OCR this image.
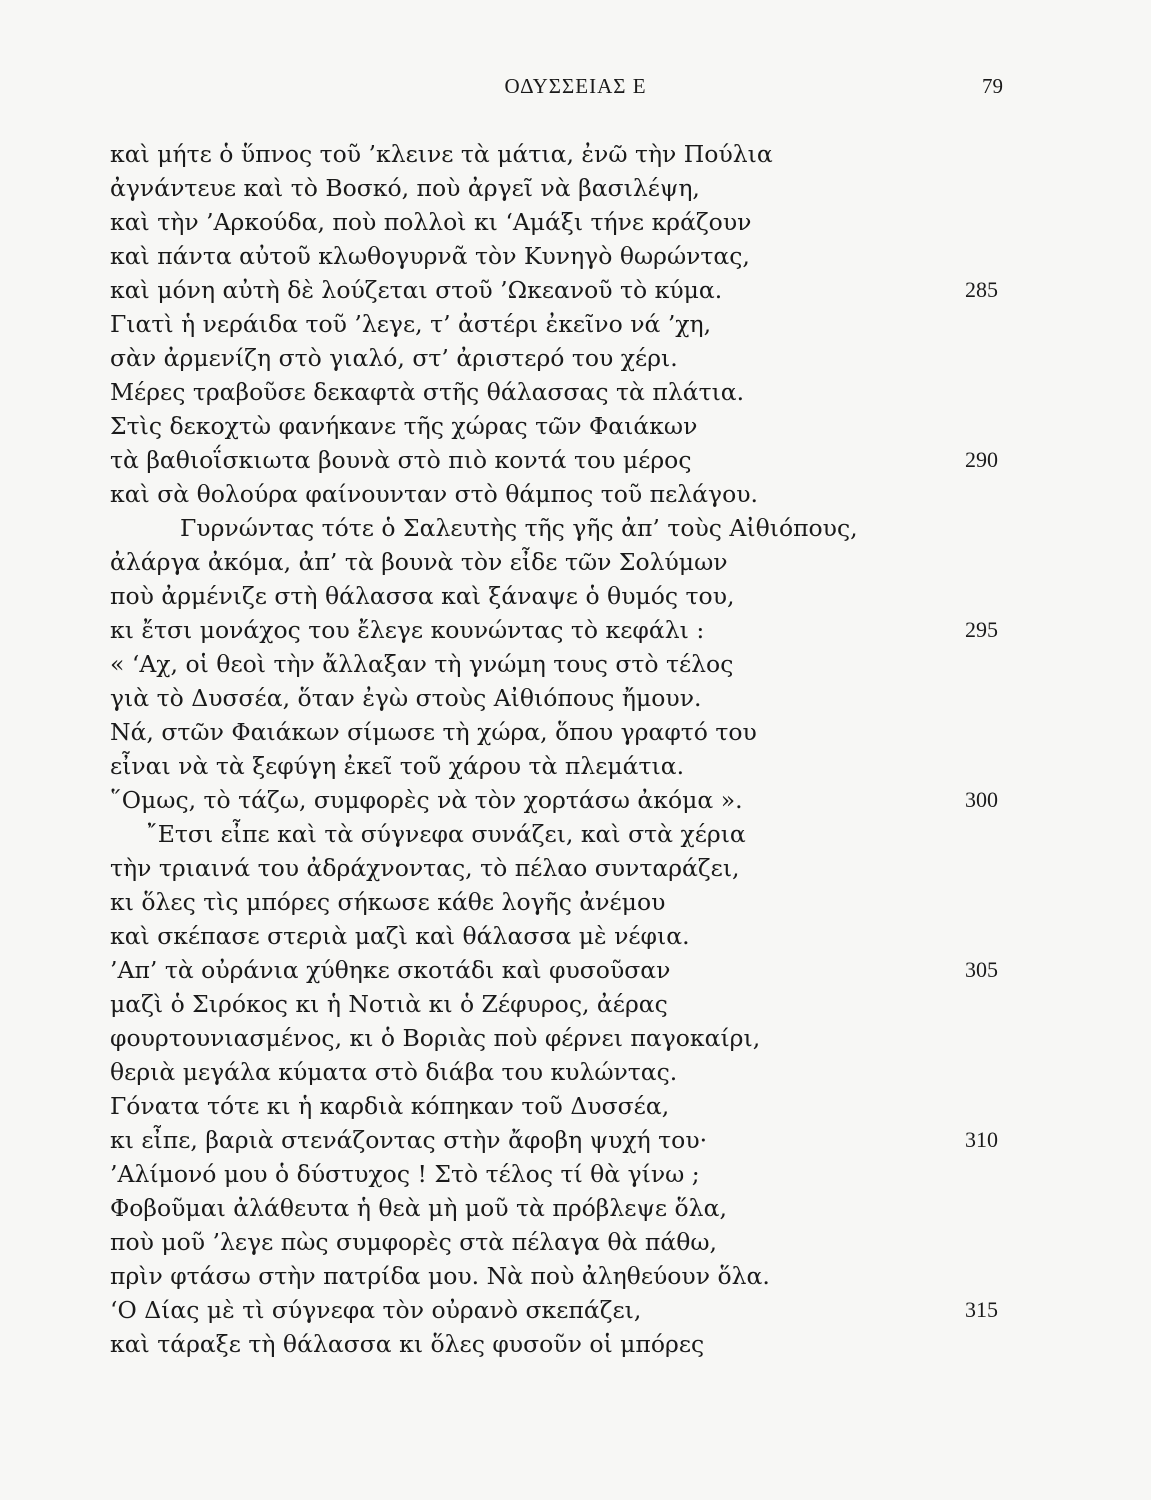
ΟΔΥΣΣΕΙΑΣ Ε	79
καὶ μήτε ὁ ὕπνος τοῦ ’κλεινε τὰ μάτια, ἐνῶ τὴν Πούλια
ἀγνάντευε καὶ τὸ Βοσκό, ποὺ ἀργεῖ νὰ βασιλέψη,
καὶ τὴν ’Αρκούδα, ποὺ πολλοὶ κι ‘Αμάξι τήνε κράζουν
καὶ πάντα αὐτοῦ κλωθογυρνᾶ τὸν Κυνηγὸ θωρώντας,
καὶ μόνη αὐτὴ δὲ λούζεται στοῦ ’Ωκεανοῦ τὸ κύμα.	285
Γιατὶ ἡ νεράιδα τοῦ ’λεγε, τ’ ἀστέρι ἐκεῖνο νά ’χη,
σὰν ἀρμενίζη στὸ γιαλό, στ’ ἀριστερό του χέρι.
Μέρες τραβοῦσε δεκαφτὰ στῆς θάλασσας τὰ πλάτια.
Στὶς δεκοχτὼ φανήκανε τῆς χώρας τῶν Φαιάκων
τὰ βαθιοΐσκιωτα βουνὰ στὸ πιὸ κοντά του μέρος	290
καὶ σὰ θολούρα φαίνουνταν στὸ θάμπος τοῦ πελάγου.
Γυρνώντας τότε ὁ Σαλευτὴς τῆς γῆς ἀπ’ τοὺς Αἰθιόπους,
ἀλάργα ἀκόμα, ἀπ’ τὰ βουνὰ τὸν εἶδε τῶν Σολύμων
ποὺ ἀρμένιζε στὴ θάλασσα καὶ ξάναψε ὁ θυμός του,
κι ἔτσι μονάχος του ἔλεγε κουνώντας τὸ κεφάλι :	295
« ‘Αχ, οἱ θεοὶ τὴν ἄλλαξαν τὴ γνώμη τους στὸ τέλος
γιὰ τὸ Δυσσέα, ὅταν ἐγὼ στοὺς Αἰθιόπους ἤμουν.
Νά, στῶν Φαιάκων σίμωσε τὴ χώρα, ὅπου γραφτό του
εἶναι νὰ τὰ ξεφύγη ἐκεῖ τοῦ χάρου τὰ πλεμάτια.
῞Ομως, τὸ τάζω, συμφορὲς νὰ τὸν χορτάσω ἀκόμα ».	300
῎Ετσι εἶπε καὶ τὰ σύγνεφα συνάζει, καὶ στὰ χέρια
τὴν τριαινά του ἀδράχνοντας, τὸ πέλαο συνταράζει,
κι ὅλες τὶς μπόρες σήκωσε κάθε λογῆς ἀνέμου
καὶ σκέπασε στεριὰ μαζὶ καὶ θάλασσα μὲ νέφια.
’Απ’ τὰ οὐράνια χύθηκε σκοτάδι καὶ φυσοῦσαν	305
μαζὶ ὁ Σιρόκος κι ἡ Νοτιὰ κι ὁ Ζέφυρος, ἀέρας
φουρτουνιασμένος, κι ὁ Βοριὰς ποὺ φέρνει παγοκαίρι,
θεριὰ μεγάλα κύματα στὸ διάβα του κυλώντας.
Γόνατα τότε κι ἡ καρδιὰ κόπηκαν τοῦ Δυσσέα,
κι εἶπε, βαριὰ στενάζοντας στὴν ἄφοβη ψυχή του·	310
’Αλίμονό μου ὁ δύστυχος ! Στὸ τέλος τί θὰ γίνω ;
Φοβοῦμαι ἀλάθευτα ἡ θεὰ μὴ μοῦ τὰ πρόβλεψε ὅλα,
ποὺ μοῦ ’λεγε πὼς συμφορὲς στὰ πέλαγα θὰ πάθω,
πρὶν φτάσω στὴν πατρίδα μου. Νὰ ποὺ ἀληθεύουν ὅλα.
‘Ο Δίας μὲ τὶ σύγνεφα τὸν οὐρανὸ σκεπάζει,	315
καὶ τάραξε τὴ θάλασσα κι ὅλες φυσοῦν οἱ μπόρες
